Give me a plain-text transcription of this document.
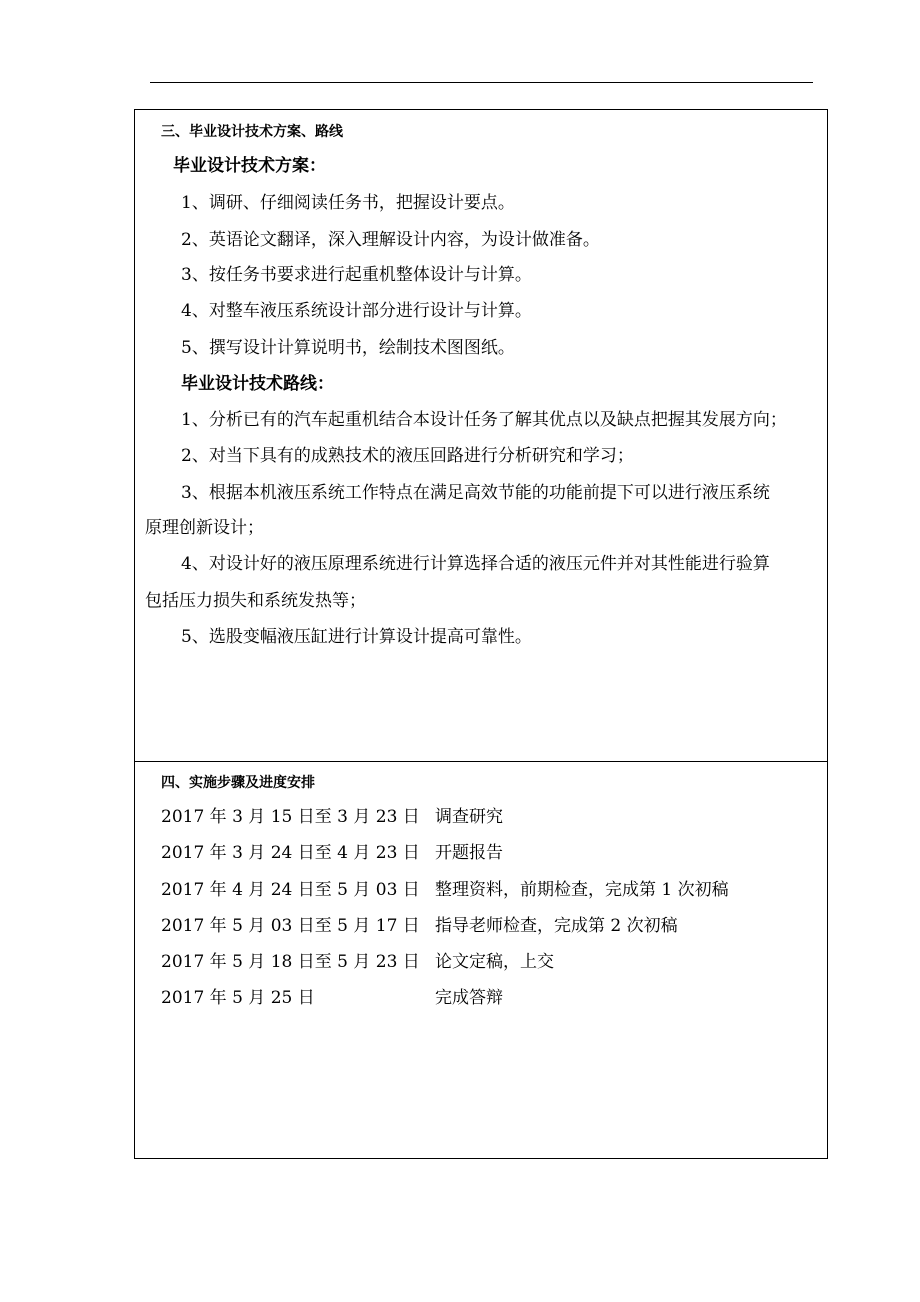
三、毕业设计技术方案、路线
毕业设计技术方案：
1、调研、仔细阅读任务书，把握设计要点。
2、英语论文翻译，深入理解设计内容，为设计做准备。
3、按任务书要求进行起重机整体设计与计算。
4、对整车液压系统设计部分进行设计与计算。
5、撰写设计计算说明书，绘制技术图图纸。
毕业设计技术路线：
1、分析已有的汽车起重机结合本设计任务了解其优点以及缺点把握其发展方向；
2、对当下具有的成熟技术的液压回路进行分析研究和学习；
3、根据本机液压系统工作特点在满足高效节能的功能前提下可以进行液压系统
原理创新设计；
4、对设计好的液压原理系统进行计算选择合适的液压元件并对其性能进行验算
包括压力损失和系统发热等；
5、选股变幅液压缸进行计算设计提高可靠性。
四、实施步骤及进度安排
2017 年 3 月 15 日至 3 月 23 日 调查研究
2017 年 3 月 24 日至 4 月 23 日 开题报告
2017 年 4 月 24 日至 5 月 03 日 整理资料，前期检查，完成第 1 次初稿
2017 年 5 月 03 日至 5 月 17 日 指导老师检查，完成第 2 次初稿
2017 年 5 月 18 日至 5 月 23 日 论文定稿，上交
2017 年 5 月 25 日	完成答辩
